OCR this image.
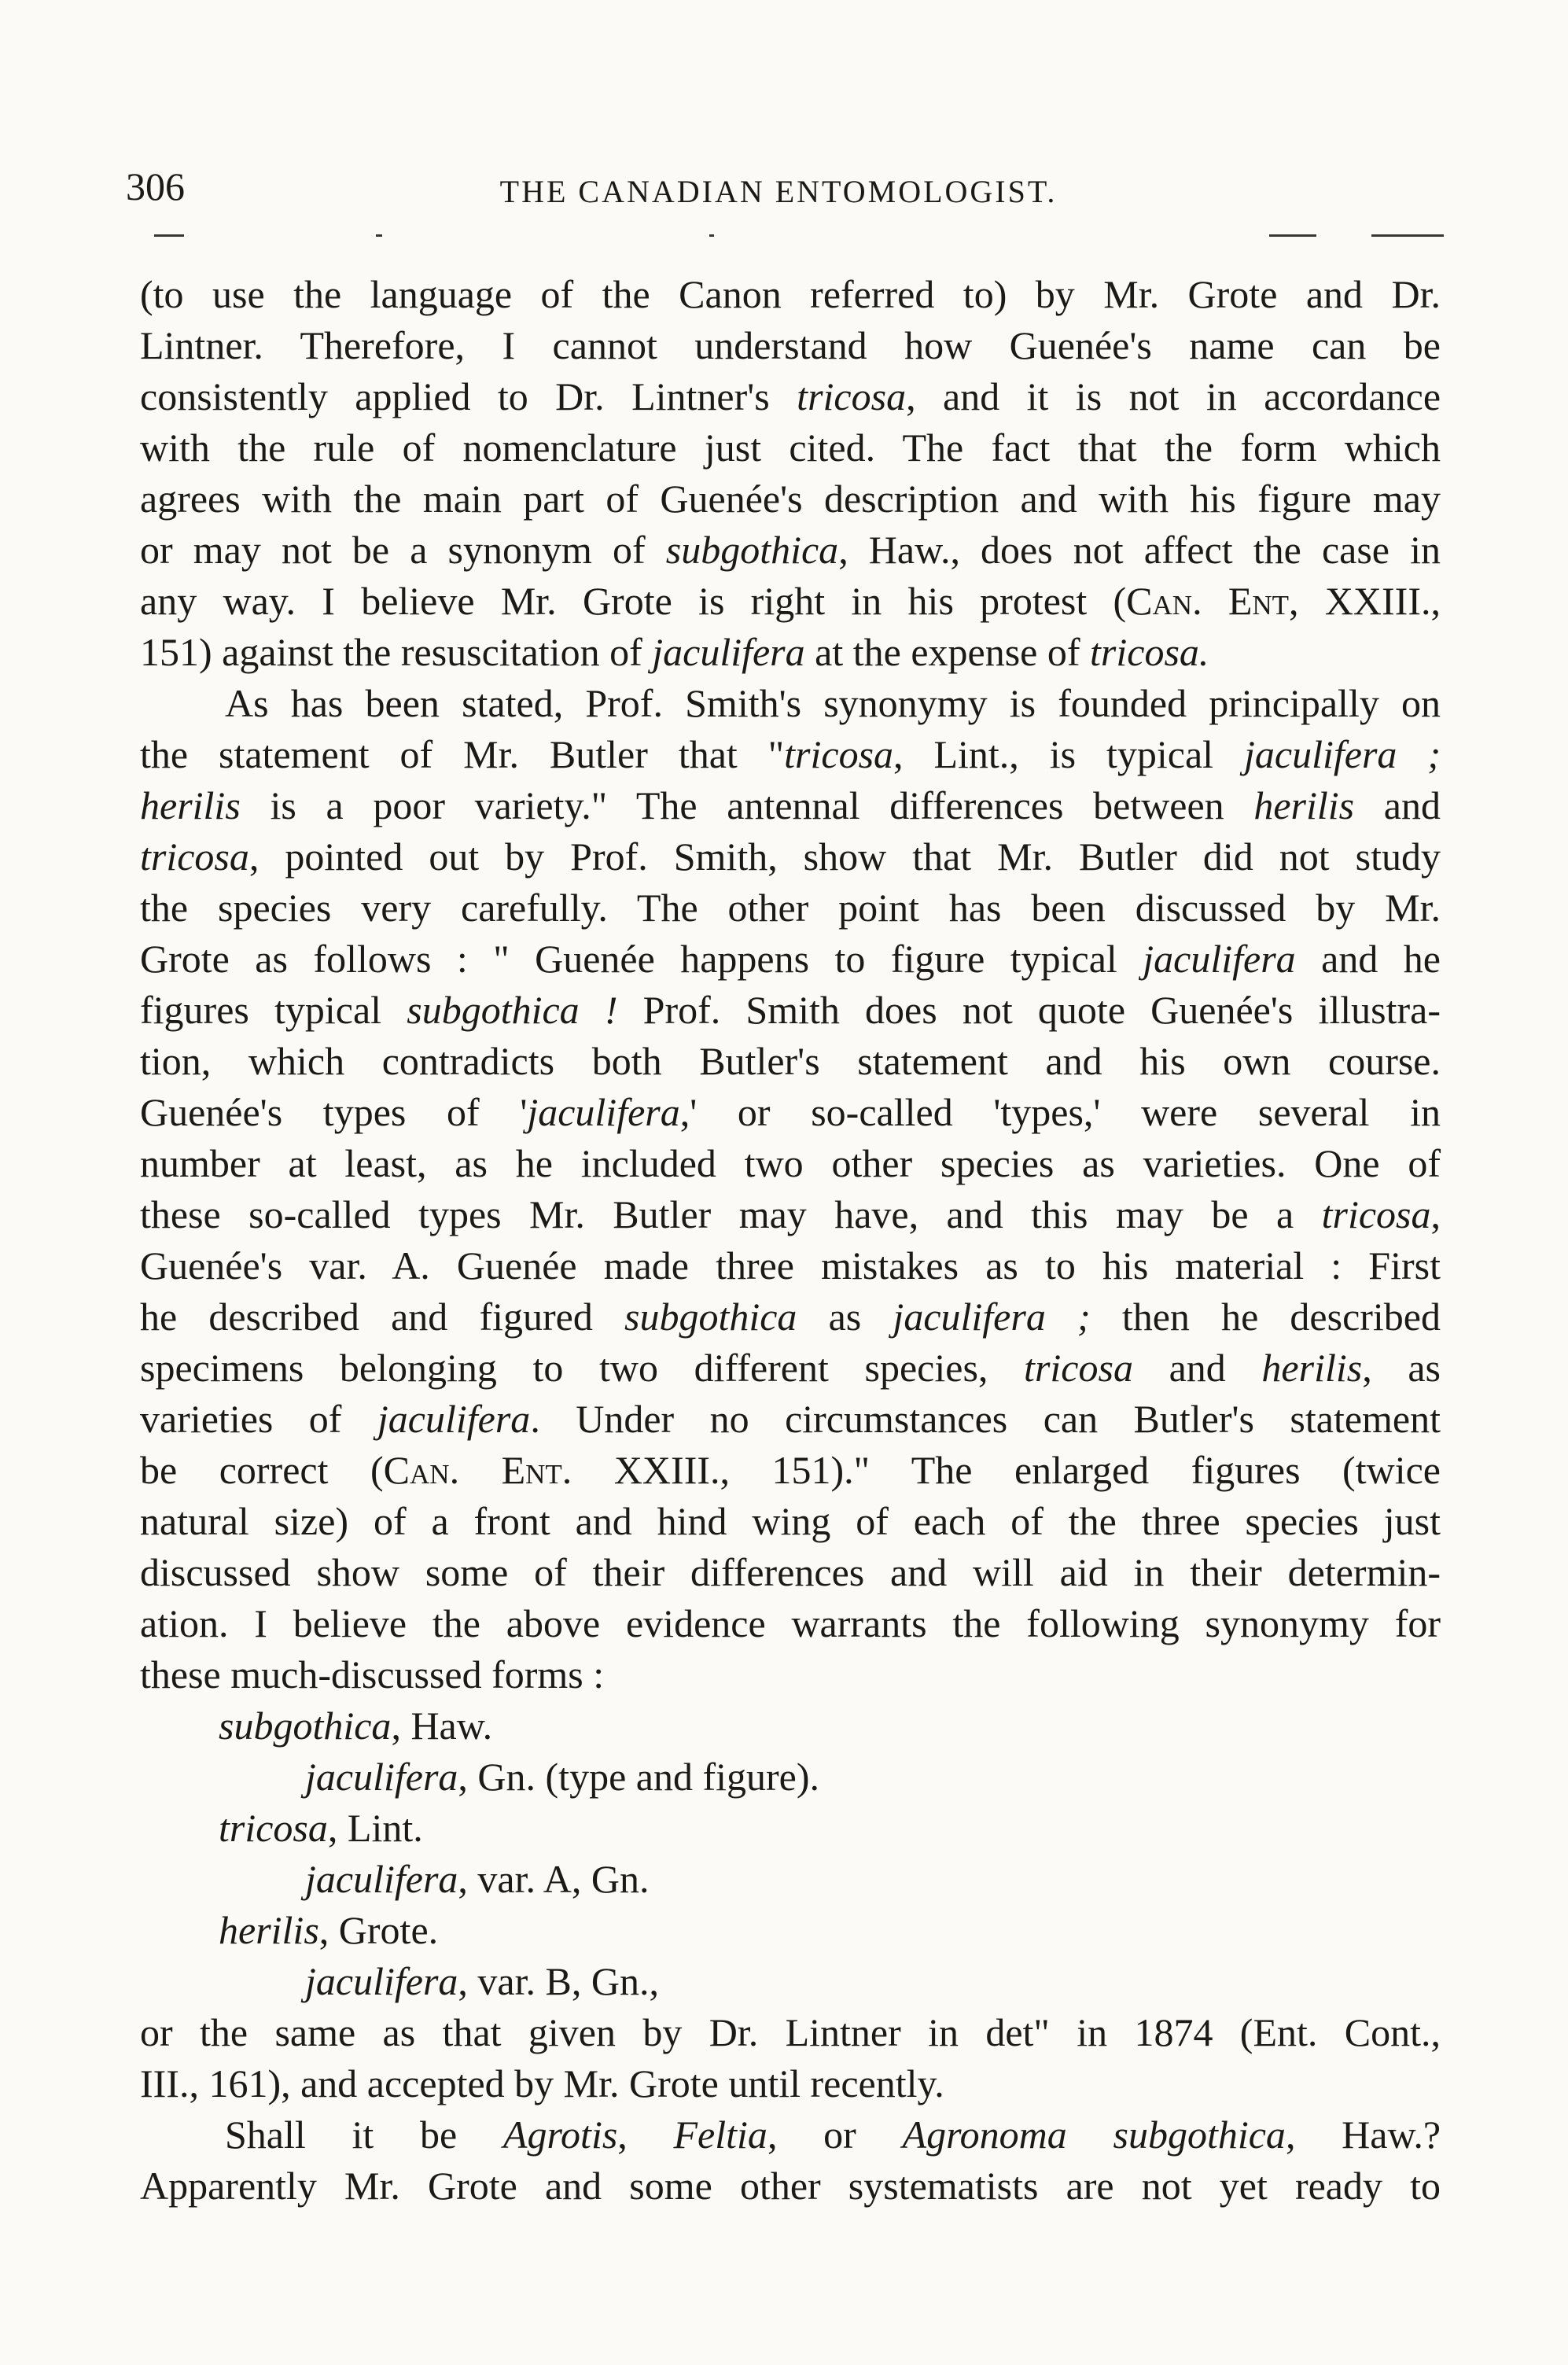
306	THE CANADIAN ENTOMOLOGIST.
(to use the language of the Canon referred to) by Mr. Grote and Dr.
Lintner. Therefore, I cannot understand how Guenée's name can be
consistently applied to Dr. Lintner's tricosa, and it is not in accordance
with the rule of nomenclature just cited. The fact that the form which
agrees with the main part of Guenée's description and with his figure may
or may not be a synonym of subgothica, Haw., does not affect the case in
any way. I believe Mr. Grote is right in his protest (Can. Ent, XXIII.,
151) against the resuscitation of jaculifera at the expense of tricosa.
As has been stated, Prof. Smith's synonymy is founded principally on
the statement of Mr. Butler that "tricosa, Lint., is typical jaculifera ;
herilis is a poor variety." The antennal differences between herilis and
tricosa, pointed out by Prof. Smith, show that Mr. Butler did not study
the species very carefully. The other point has been discussed by Mr.
Grote as follows : " Guenée happens to figure typical jaculifera and he
figures typical subgothica ! Prof. Smith does not quote Guenée's illustra-
tion, which contradicts both Butler's statement and his own course.
Guenée's types of 'jaculifera,' or so-called 'types,' were several in
number at least, as he included two other species as varieties. One of
these so-called types Mr. Butler may have, and this may be a tricosa,
Guenée's var. A. Guenée made three mistakes as to his material : First
he described and figured subgothica as jaculifera ; then he described
specimens belonging to two different species, tricosa and herilis, as
varieties of jaculifera. Under no circumstances can Butler's statement
be correct (Can. Ent. XXIII., 151)." The enlarged figures (twice
natural size) of a front and hind wing of each of the three species just
discussed show some of their differences and will aid in their determin-
ation. I believe the above evidence warrants the following synonymy for
these much-discussed forms :
subgothica, Haw.
jaculifera, Gn. (type and figure).
tricosa, Lint.
jaculifera, var. A, Gn.
herilis, Grote.
jaculifera, var. B, Gn.,
or the same as that given by Dr. Lintner in det" in 1874 (Ent. Cont.,
III., 161), and accepted by Mr. Grote until recently.
Shall it be Agrotis, Feltia, or Agronoma subgothica, Haw.?
Apparently Mr. Grote and some other systematists are not yet ready to
